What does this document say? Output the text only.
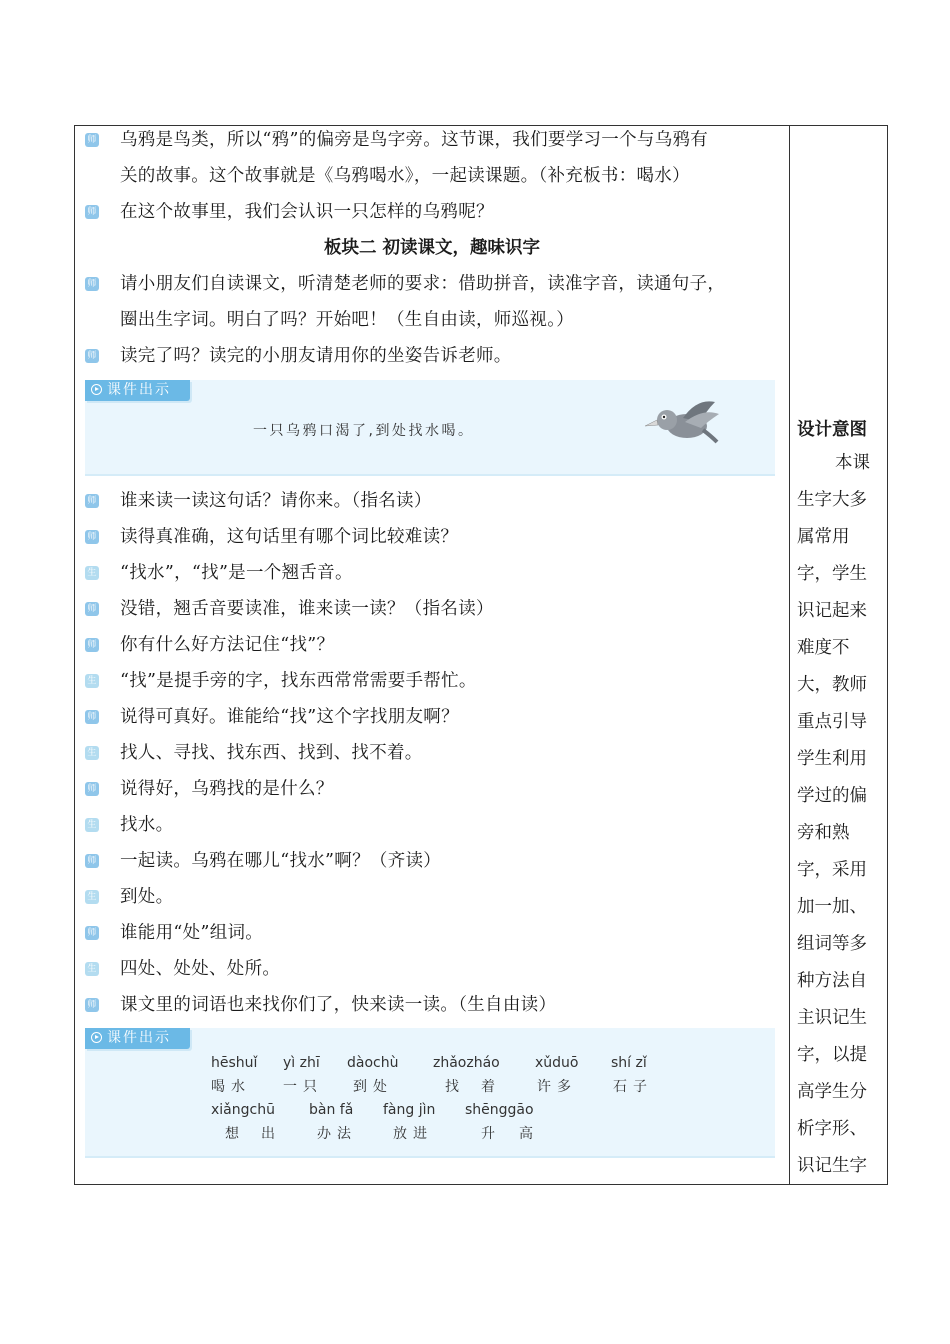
师 乌鸦是鸟类，所以“鸦”的偏旁是鸟字旁。这节课，我们要学习一个与乌鸦有
关的故事。这个故事就是《乌鸦喝水》，一起读课题。（补充板书：喝水）
师 在这个故事里，我们会认识一只怎样的乌鸦呢？
板块二 初读课文，趣味识字
师 请小朋友们自读课文，听清楚老师的要求：借助拼音，读准字音，读通句子，
圈出生字词。明白了吗？开始吧！（生自由读，师巡视。）
师 读完了吗？读完的小朋友请用你的坐姿告诉老师。
课件出示
一只乌鸦口渴了,到处找水喝。
师 谁来读一读这句话？请你来。（指名读）
师 读得真准确，这句话里有哪个词比较难读？
生 “找水”，“找”是一个翘舌音。
师 没错，翘舌音要读准，谁来读一读？（指名读）
师 你有什么好方法记住“找”？
生 “找”是提手旁的字，找东西常常需要手帮忙。
师 说得可真好。谁能给“找”这个字找朋友啊？
生 找人、寻找、找东西、找到、找不着。
师 说得好，乌鸦找的是什么？
生 找水。
师 一起读。乌鸦在哪儿“找水”啊？（齐读）
生 到处。
师 谁能用“处”组词。
生 四处、处处、处所。
师 课文里的词语也来找你们了，快来读一读。（生自由读）
课件出示
hēshuǐ
喝水
yì zhī
一只
dàochù
到处
zhǎozháo
找着
xǔduō
许多
shí zǐ
石子
xiǎngchū
想出
bàn fǎ
办法
fàng jìn
放进
shēnggāo
升高
设计意图
本课
生字大多
属常用
字，学生
识记起来
难度不
大，教师
重点引导
学生利用
学过的偏
旁和熟
字，采用
加一加、
组词等多
种方法自
主识记生
字，以提
高学生分
析字形、
识记生字
